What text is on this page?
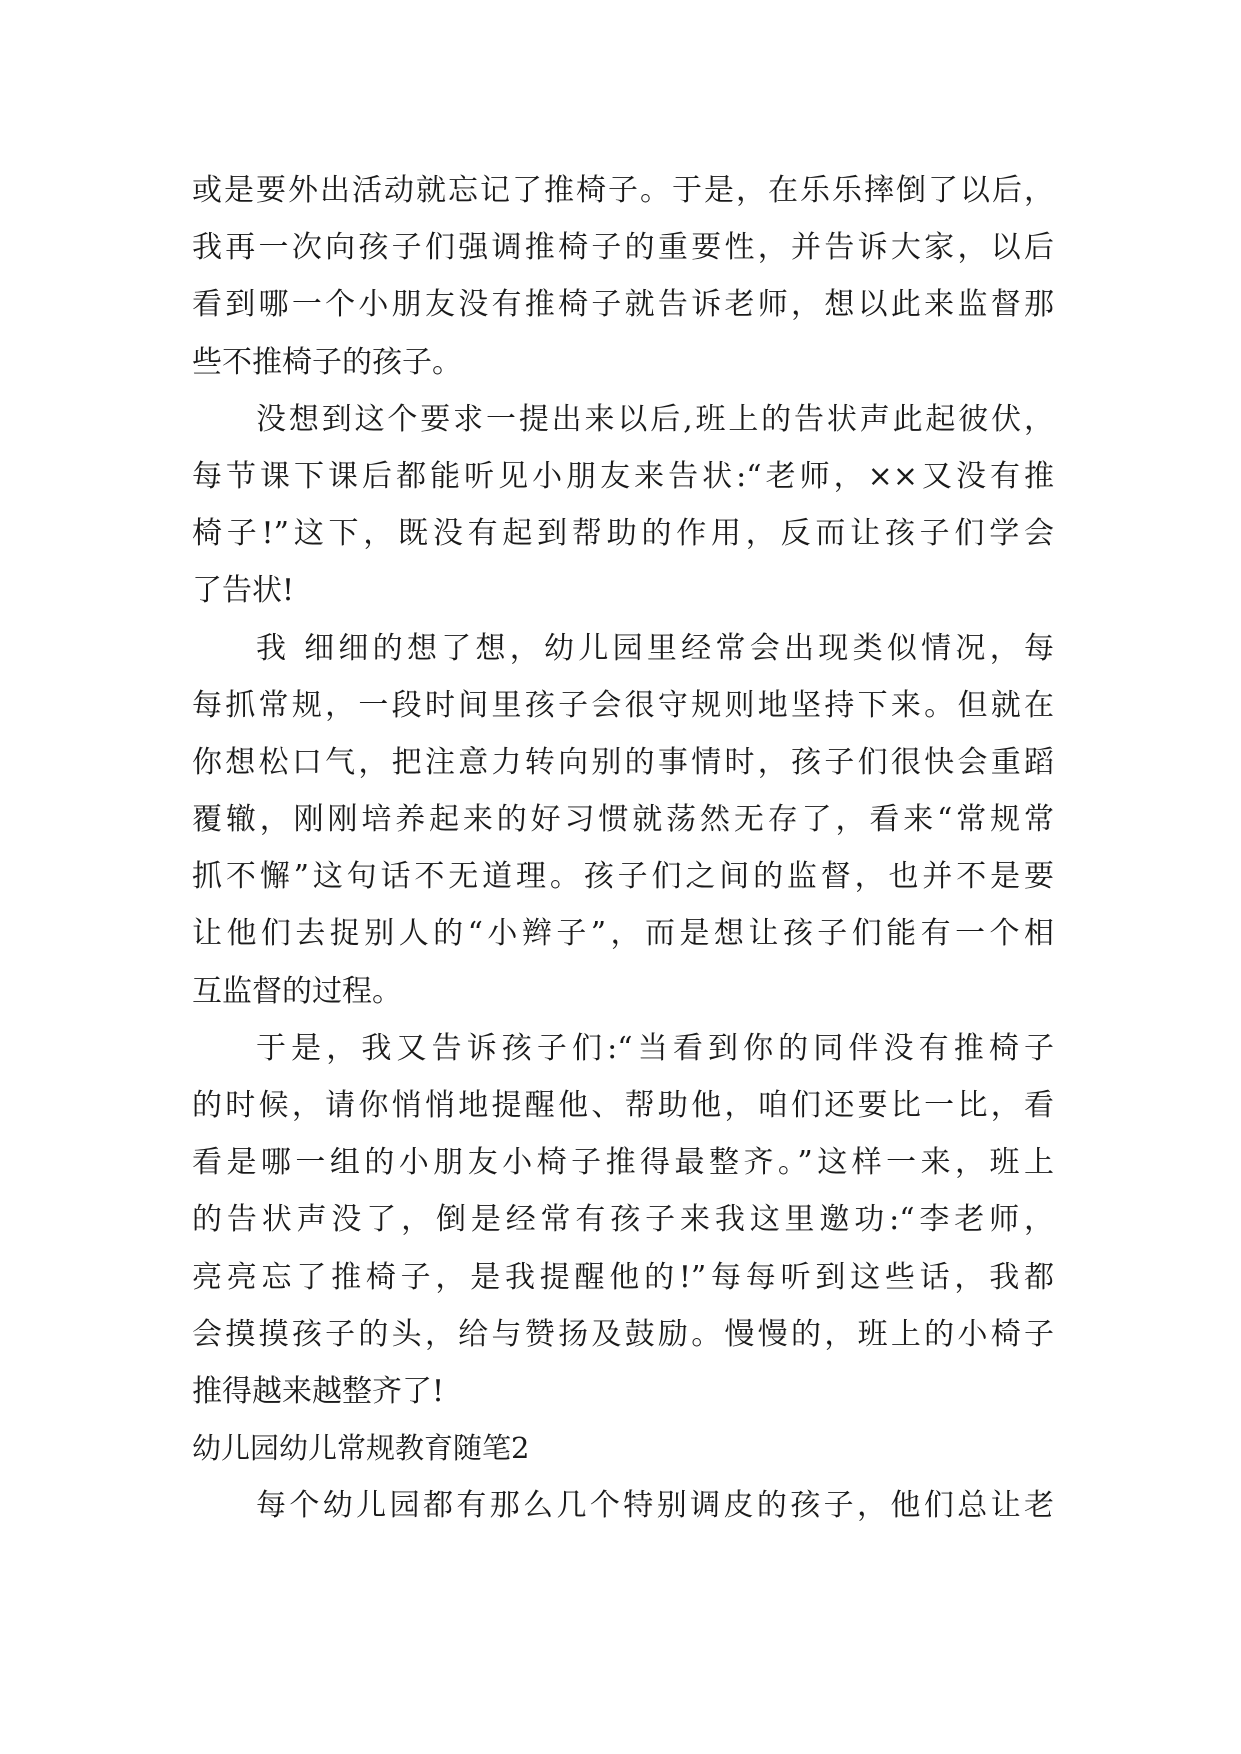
或是要外出活动就忘记了推椅子。于是，在乐乐摔倒了以后，
我再一次向孩子们强调推椅子的重要性，并告诉大家，以后
看到哪一个小朋友没有推椅子就告诉老师，想以此来监督那
些不推椅子的孩子。
没想到这个要求一提出来以后,班上的告状声此起彼伏，
每节课下课后都能听见小朋友来告状:“老师，××又没有推
椅子!”这下，既没有起到帮助的作用，反而让孩子们学会
了告状!
我 细细的想了想，幼儿园里经常会出现类似情况，每
每抓常规，一段时间里孩子会很守规则地坚持下来。但就在
你想松口气，把注意力转向别的事情时，孩子们很快会重蹈
覆辙，刚刚培养起来的好习惯就荡然无存了，看来“常规常
抓不懈”这句话不无道理。孩子们之间的监督，也并不是要
让他们去捉别人的“小辫子”，而是想让孩子们能有一个相
互监督的过程。
于是，我又告诉孩子们:“当看到你的同伴没有推椅子
的时候，请你悄悄地提醒他、帮助他，咱们还要比一比，看
看是哪一组的小朋友小椅子推得最整齐。”这样一来，班上
的告状声没了，倒是经常有孩子来我这里邀功:“李老师，
亮亮忘了推椅子，是我提醒他的!”每每听到这些话，我都
会摸摸孩子的头，给与赞扬及鼓励。慢慢的，班上的小椅子
推得越来越整齐了!
幼儿园幼儿常规教育随笔2
每个幼儿园都有那么几个特别调皮的孩子，他们总让老
